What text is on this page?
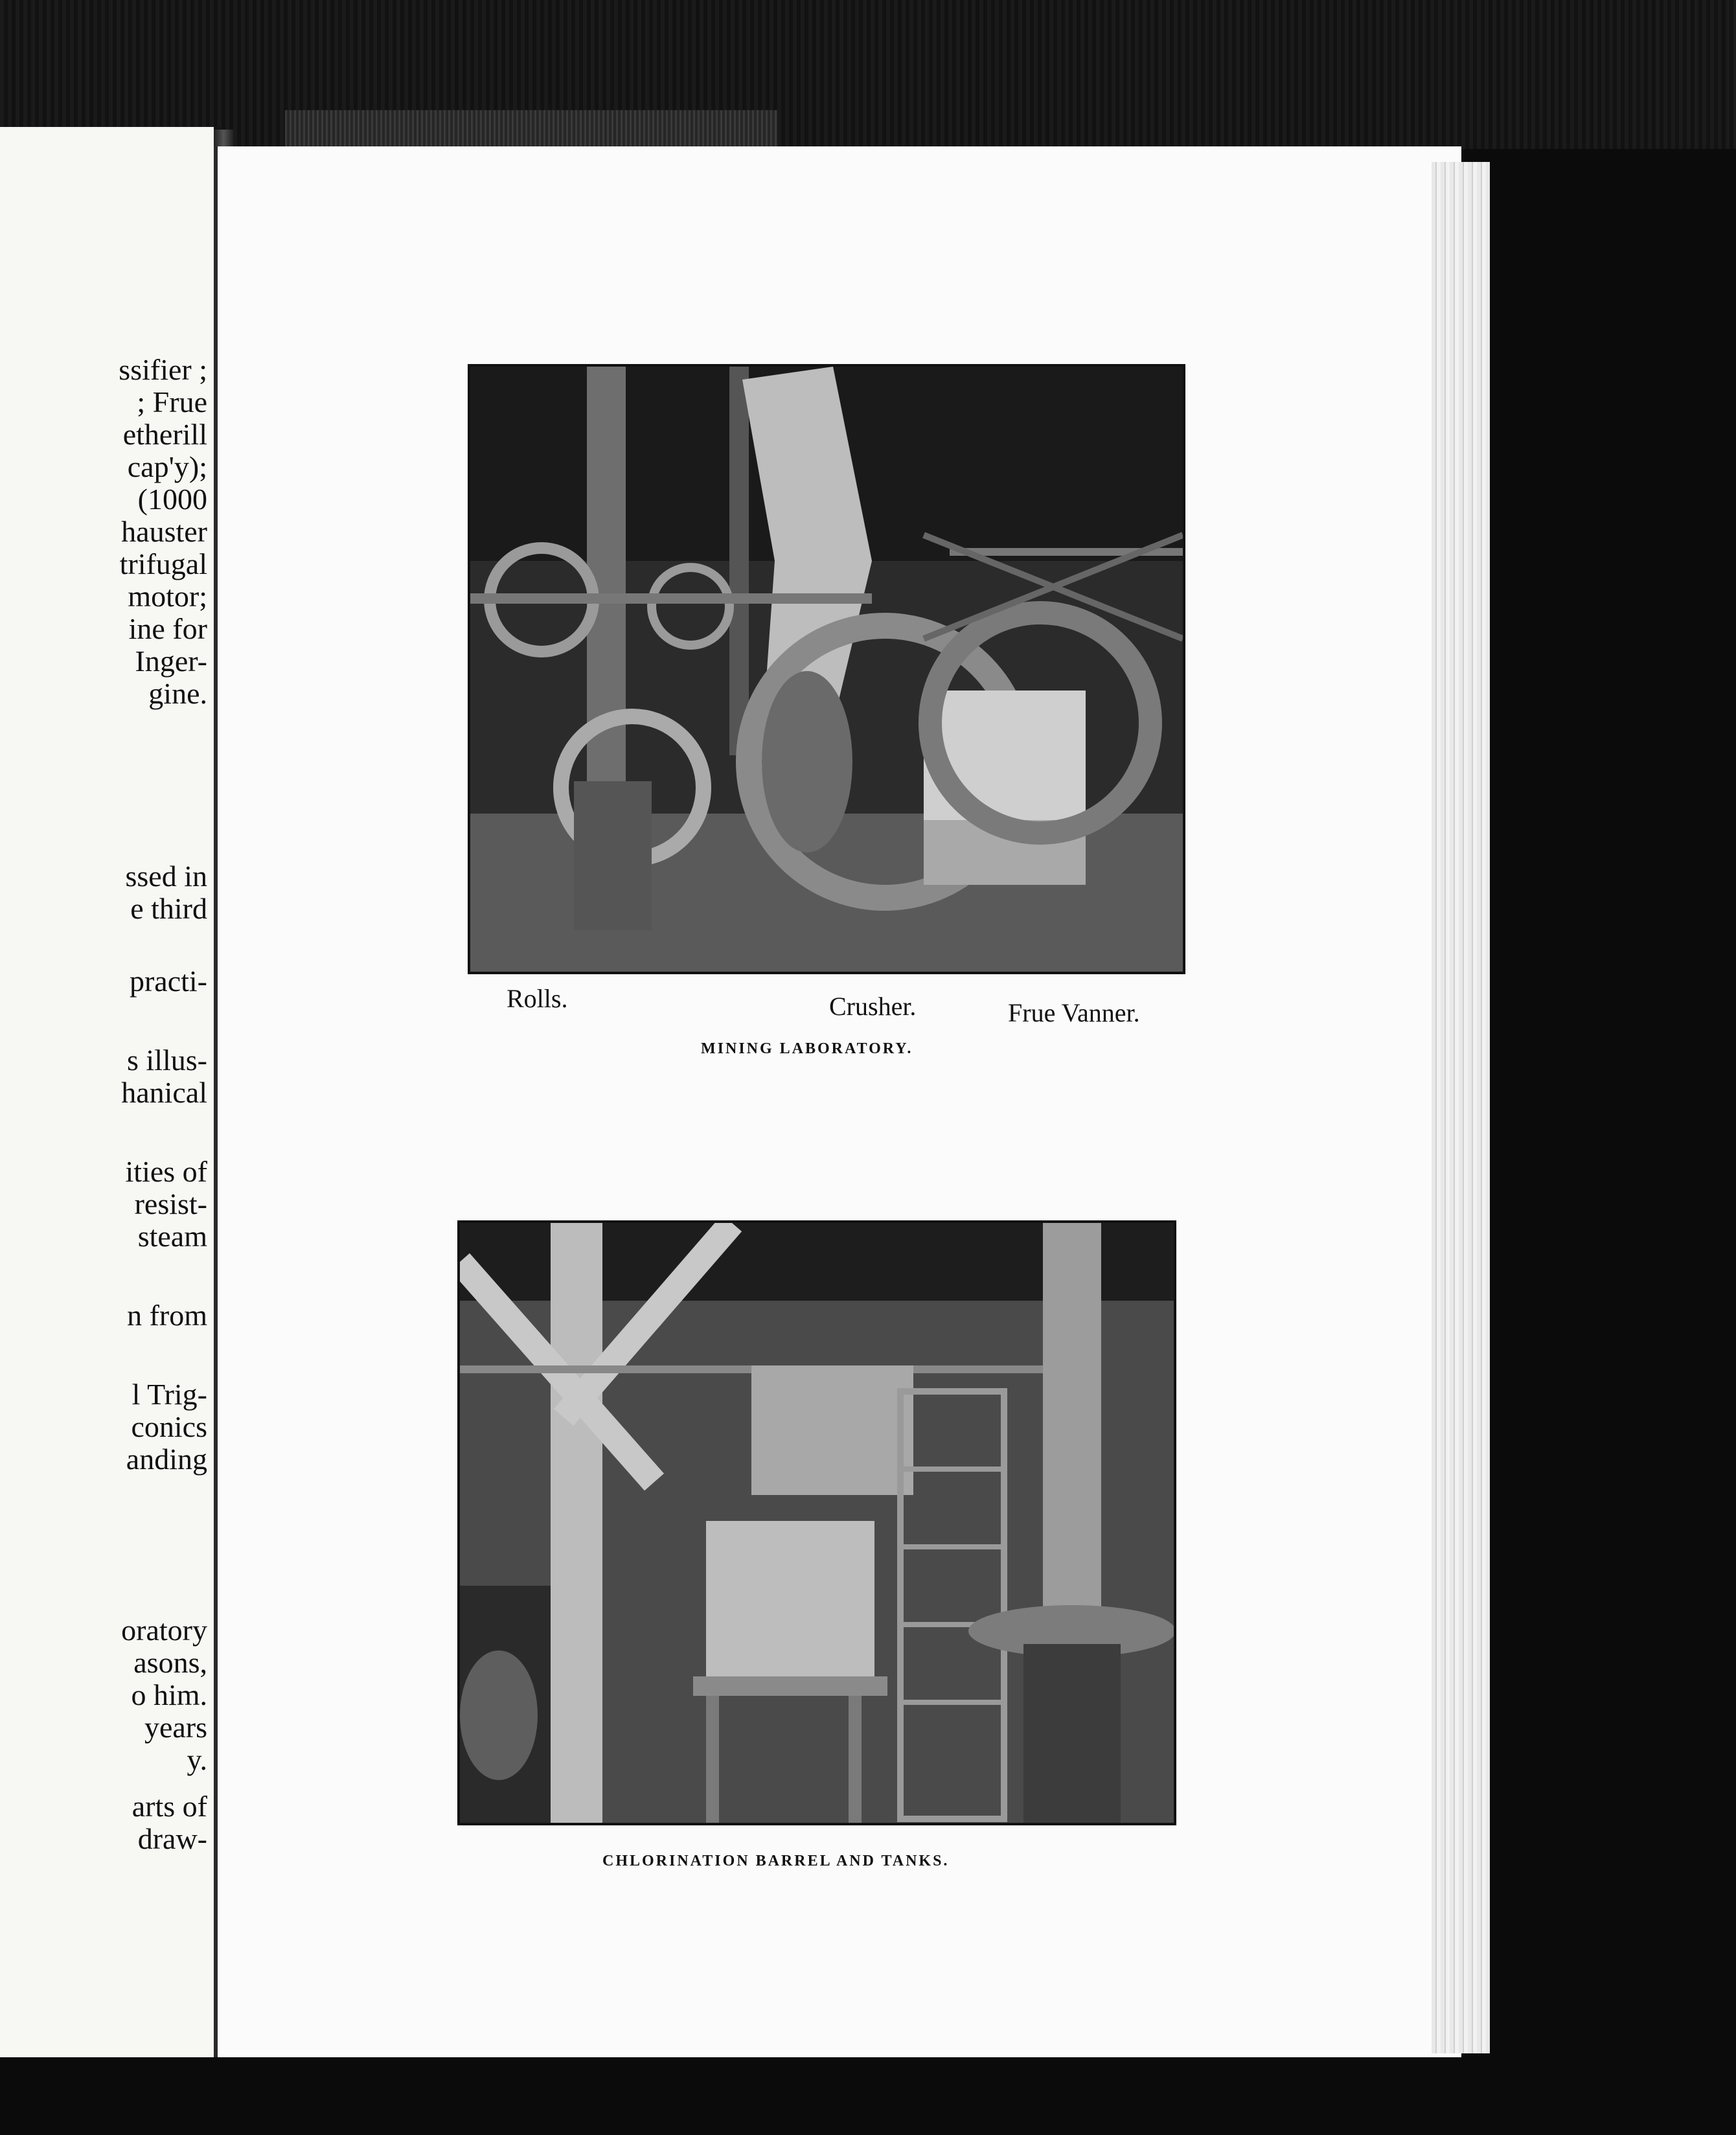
ssifier ;
; Frue
etherill
cap'y);
(1000
hauster
trifugal
motor;
ine for
Inger-
gine.
ssed in
e third
practi-
s illus-
hanical
ities of
resist-
steam
n from
l Trig-
conics
anding
oratory
asons,
o him.
years
y.
arts of
draw-
Rolls.	Crusher.	Frue Vanner.
MINING LABORATORY.
CHLORINATION BARREL AND TANKS.
